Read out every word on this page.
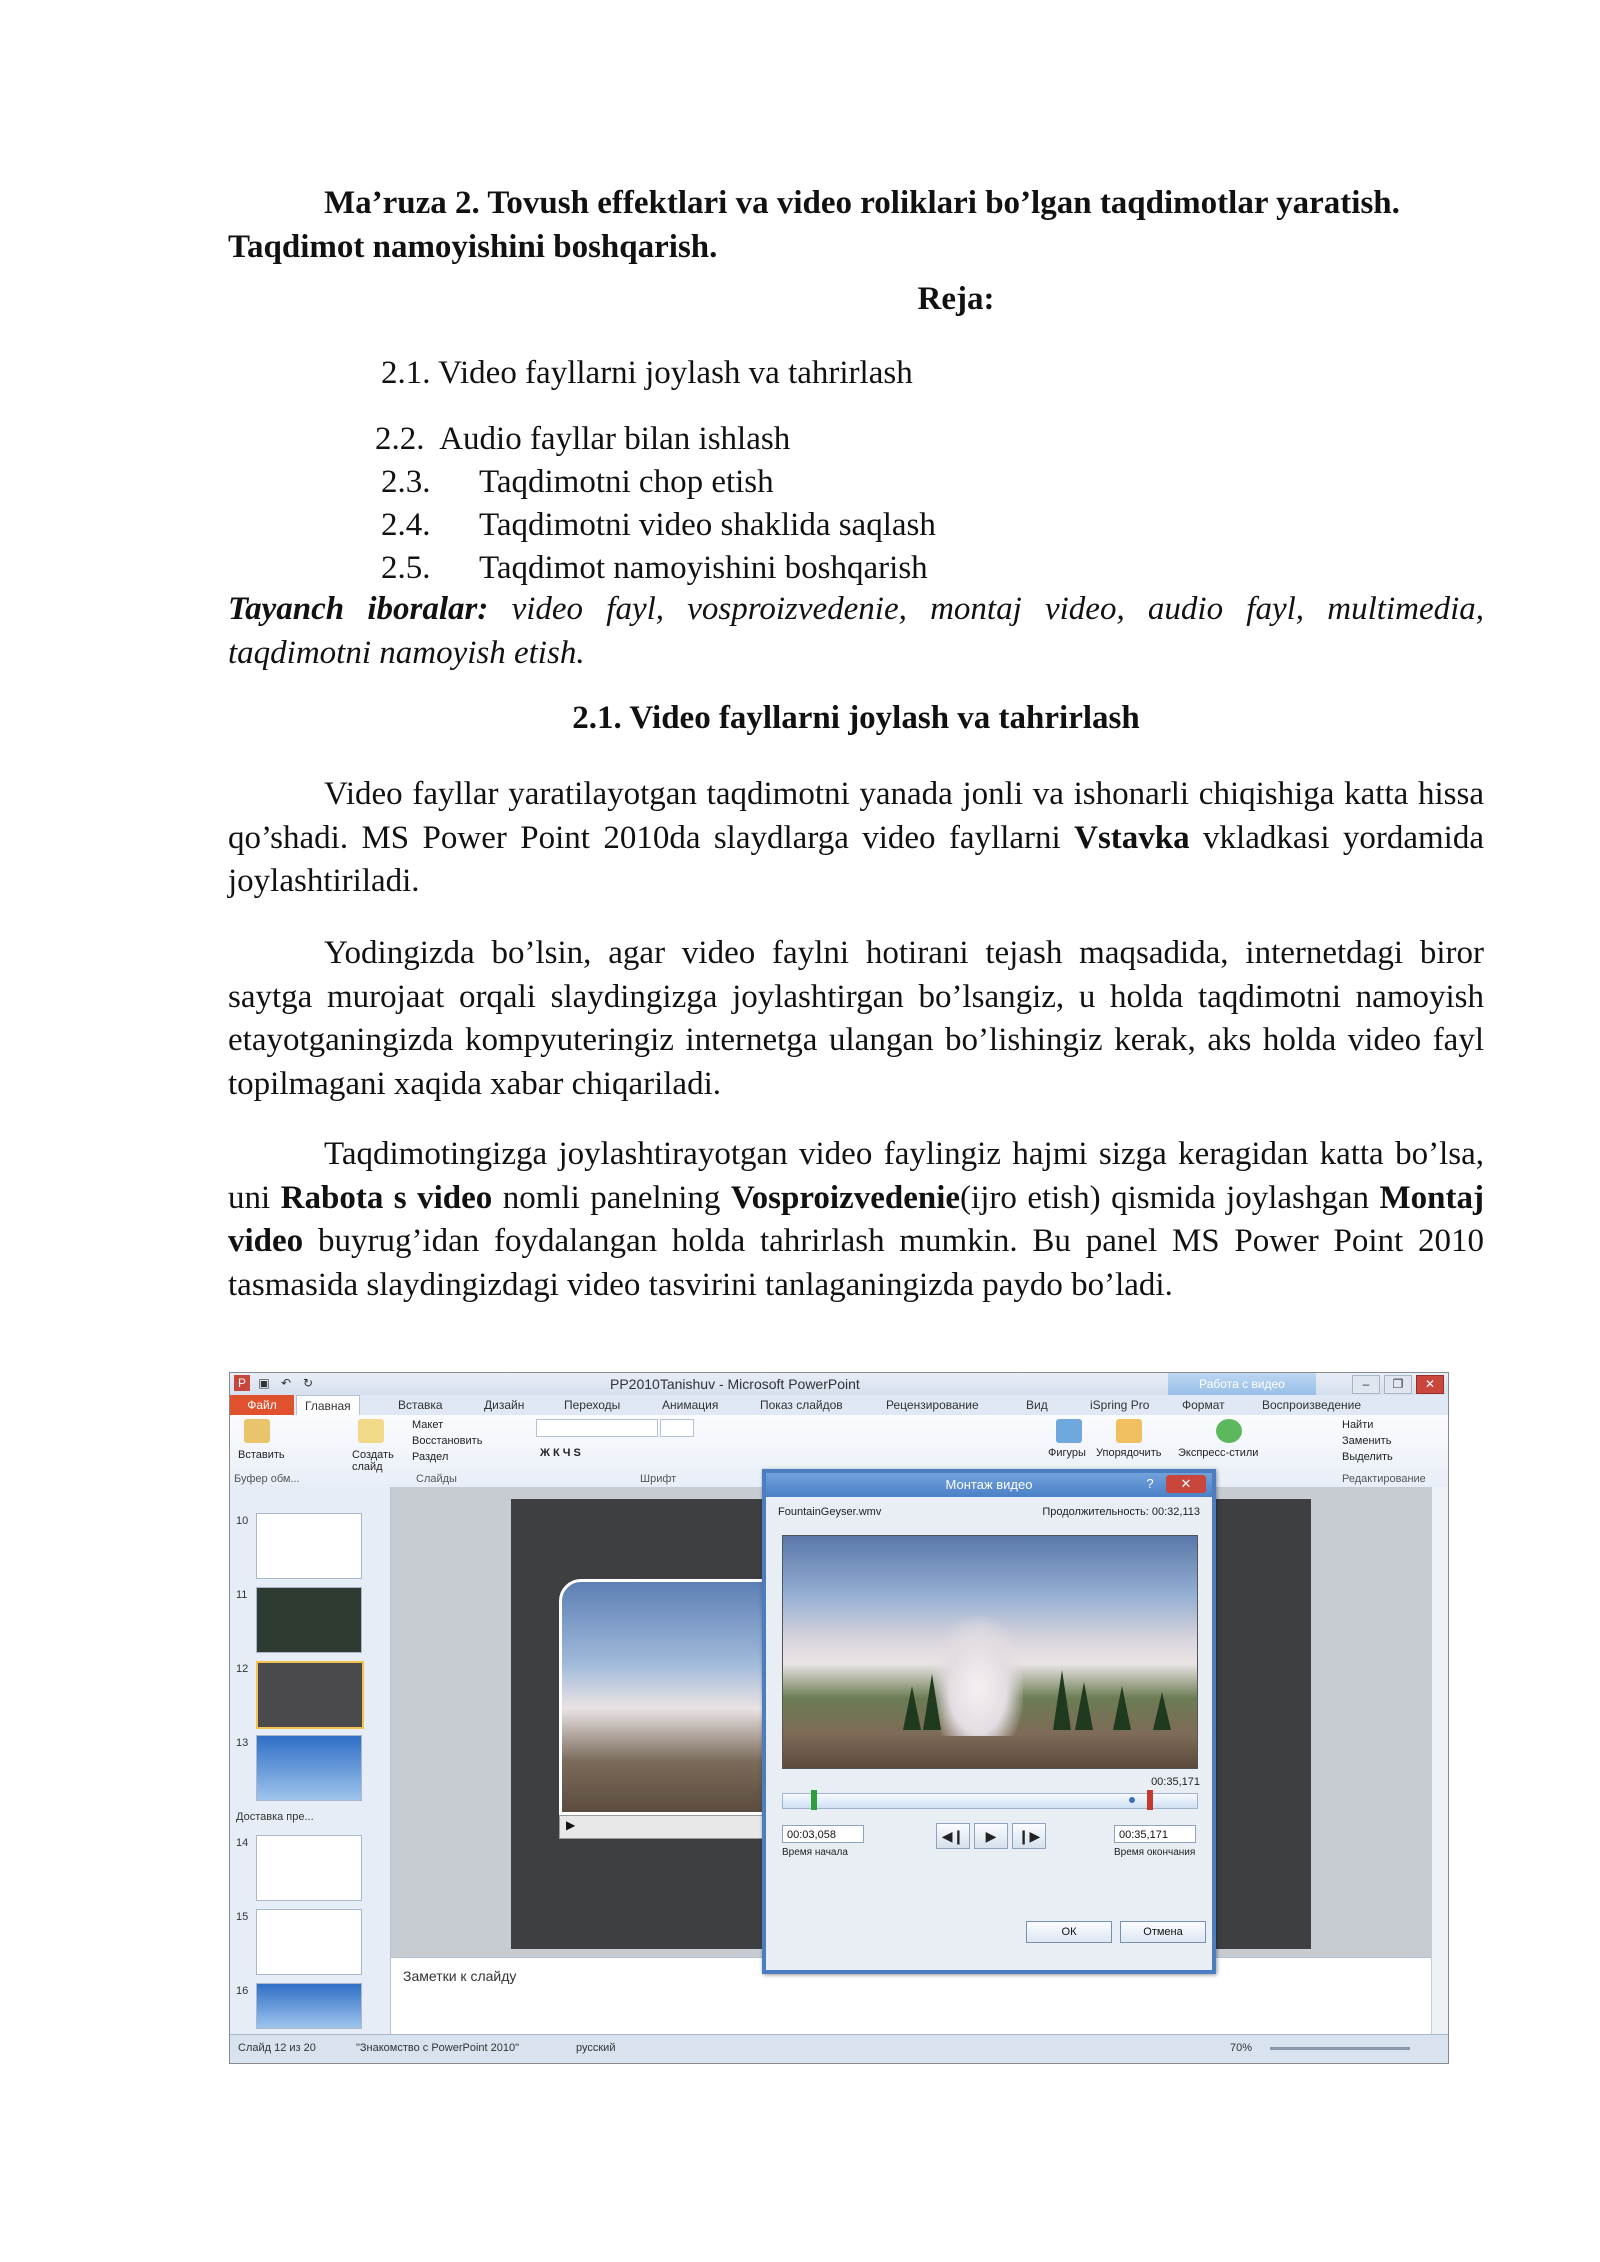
Ma’ruza 2. Tovush effektlari va video roliklari bo’lgan taqdimotlar yaratish. Taqdimot namoyishini boshqarish.
Reja:
2.1. Video fayllarni joylash va tahrirlash
2.2. Audio fayllar bilan ishlash
2.3. Taqdimotni chop etish
2.4. Taqdimotni video shaklida saqlash
2.5. Taqdimot namoyishini boshqarish
Tayanch iboralar: video fayl, vosproizvedenie, montaj video, audio fayl, multimedia, taqdimotni namoyish etish.
2.1. Video fayllarni joylash va tahrirlash
Video fayllar yaratilayotgan taqdimotni yanada jonli va ishonarli chiqishiga katta hissa qo’shadi. MS Power Point 2010da slaydlarga video fayllarni Vstavka vkladkasi yordamida joylashtiriladi.
Yodingizda bo’lsin, agar video faylni hotirani tejash maqsadida, internetdagi biror saytga murojaat orqali slaydingizga joylashtirgan bo’lsangiz, u holda taqdimotni namoyish etayotganingizda kompyuteringiz internetga ulangan bo’lishingiz kerak, aks holda video fayl topilmagani xaqida xabar chiqariladi.
Taqdimotingizga joylashtirayotgan video faylingiz hajmi sizga keragidan katta bo’lsa, uni Rabota s video nomli panelning Vosproizvedenie(ijro etish) qismida joylashgan Montaj video buyrug’idan foydalangan holda tahrirlash mumkin. Bu panel MS Power Point 2010 tasmasida slaydingizdagi video tasvirini tanlaganingizda paydo bo’ladi.
P	▣ ↶ ↻	PP2010Tanishuv - Microsoft PowerPoint	Работа с видео	–	❐	✕
Файл	Главная	Вставка	Дизайн	Переходы	Анимация	Показ слайдов	Рецензирование	Вид	iSpring Pro	Формат	Воспроизведение
Вставить
Буфер обм...
Создать слайд
Макет
Восстановить
Раздел
Слайды
Ж К Ч S
Шрифт
Фигуры Упорядочить Экспресс-стили
Найти
Заменить
Выделить
Редактирование
10
11
12
13
Доставка пре...
14
15
16
▶
Заметки к слайду
Слайд 12 из 20	"Знакомство с PowerPoint 2010"	русский	70%
Монтаж видео	?	✕
FountainGeyser.wmv	Продолжительность: 00:32,113
00:35,171
00:03,058
Время начала
◀❙	▶	❙▶	00:35,171
Время окончания
ОК	Отмена
